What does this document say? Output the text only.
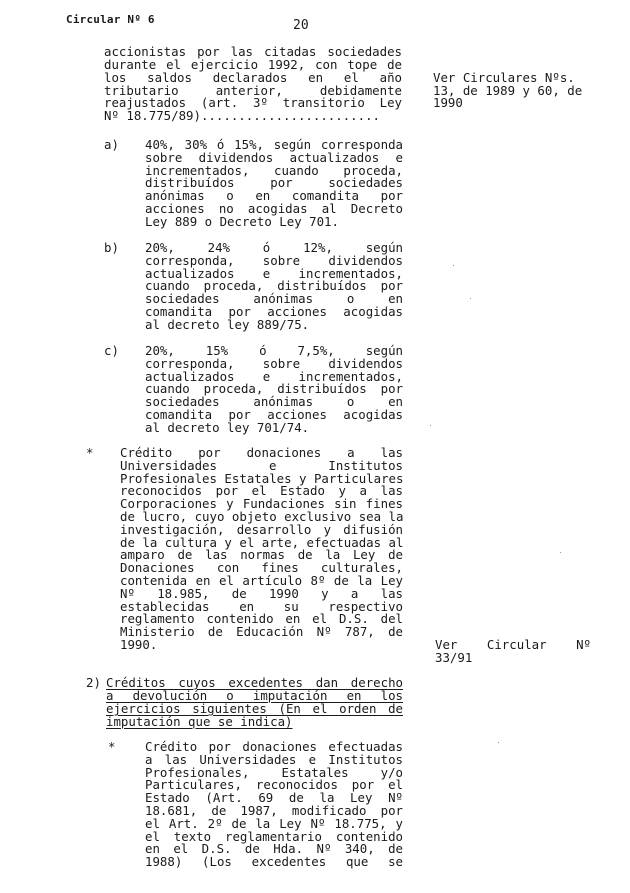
Circular Nº 6	20
accionistas por las citadas sociedades
durante el ejercicio 1992, con tope de
los saldos declarados en el año
tributario anterior, debidamente
reajustados (art. 3º transitorio Ley
Nº 18.775/89)........................
Ver Circulares Nºs.
13, de 1989 y 60, de
1990
a) 40%, 30% ó 15%, según corresponda
sobre dividendos actualizados e
incrementados, cuando proceda,
distribuídos por sociedades
anónimas o en comandita por
acciones no acogidas al Decreto
Ley 889 o Decreto Ley 701.
b) 20%, 24% ó 12%, según
corresponda, sobre dividendos
actualizados e incrementados,
cuando proceda, distribuídos por
sociedades anónimas o en
comandita por acciones acogidas
al decreto ley 889/75.
c) 20%, 15% ó 7,5%, según
corresponda, sobre dividendos
actualizados e incrementados,
cuando proceda, distribuídos por
sociedades anónimas o en
comandita por acciones acogidas
al decreto ley 701/74.
* Crédito por donaciones a las
Universidades e Institutos
Profesionales Estatales y Particulares
reconocidos por el Estado y a las
Corporaciones y Fundaciones sin fines
de lucro, cuyo objeto exclusivo sea la
investigación, desarrollo y difusión
de la cultura y el arte, efectuadas al
amparo de las normas de la Ley de
Donaciones con fines culturales,
contenida en el artículo 8º de la Ley
Nº 18.985, de 1990 y a las
establecidas en su respectivo
reglamento contenido en el D.S. del
Ministerio de Educación Nº 787, de
1990.	Ver Circular Nº
33/91
2) Créditos cuyos excedentes dan derecho
a devolución o imputación en los
ejercicios siguientes (En el orden de
imputación que se indica)
* Crédito por donaciones efectuadas
a las Universidades e Institutos
Profesionales, Estatales y/o
Particulares, reconocidos por el
Estado (Art. 69 de la Ley Nº
18.681, de 1987, modificado por
el Art. 2º de la Ley Nº 18.775, y
el texto reglamentario contenido
en el D.S. de Hda. Nº 340, de
1988) (Los excedentes que se
